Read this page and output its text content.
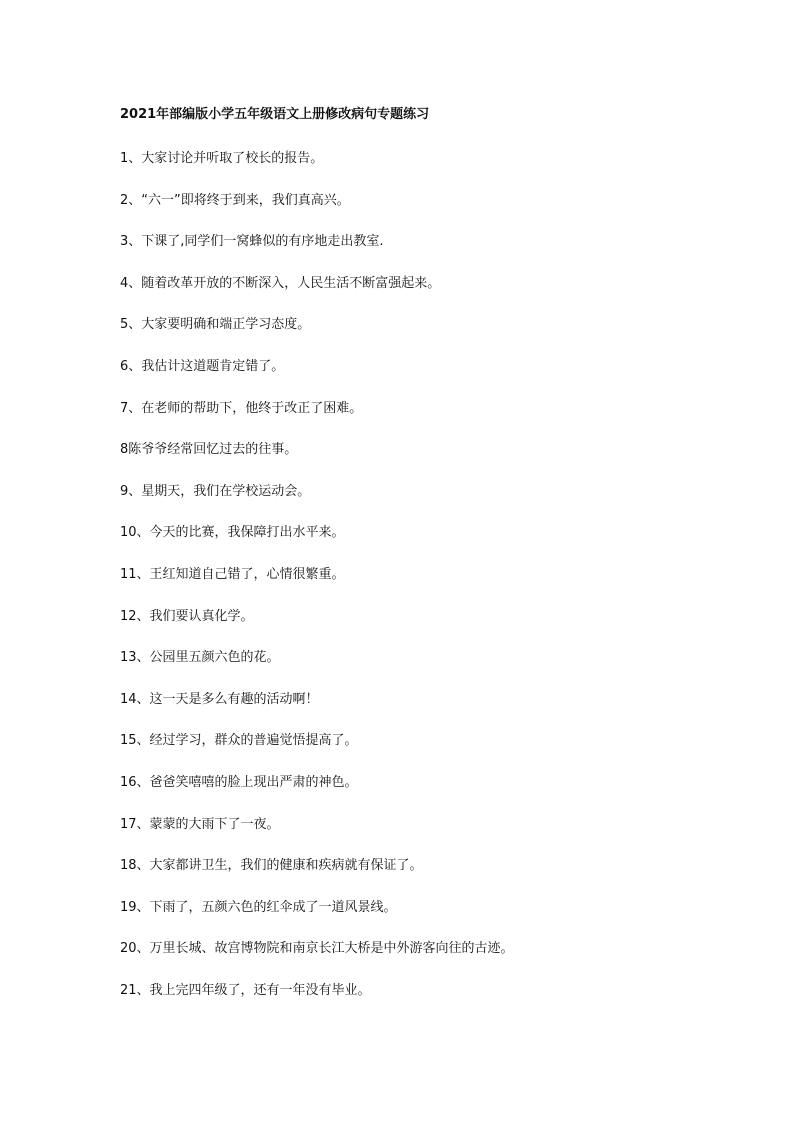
2021年部编版小学五年级语文上册修改病句专题练习
1、大家讨论并听取了校长的报告。
2、“六一”即将终于到来，我们真高兴。
3、下课了,同学们一窝蜂似的有序地走出教室.
4、随着改革开放的不断深入，人民生活不断富强起来。
5、大家要明确和端正学习态度。
6、我估计这道题肯定错了。
7、在老师的帮助下，他终于改正了困难。
8陈爷爷经常回忆过去的往事。
9、星期天，我们在学校运动会。
10、今天的比赛，我保障打出水平来。
11、王红知道自己错了，心情很繁重。
12、我们要认真化学。
13、公园里五颜六色的花。
14、这一天是多么有趣的活动啊！
15、经过学习，群众的普遍觉悟提高了。
16、爸爸笑嘻嘻的脸上现出严肃的神色。
17、蒙蒙的大雨下了一夜。
18、大家都讲卫生，我们的健康和疾病就有保证了。
19、下雨了，五颜六色的红伞成了一道风景线。
20、万里长城、故宫博物院和南京长江大桥是中外游客向往的古迹。
21、我上完四年级了，还有一年没有毕业。
